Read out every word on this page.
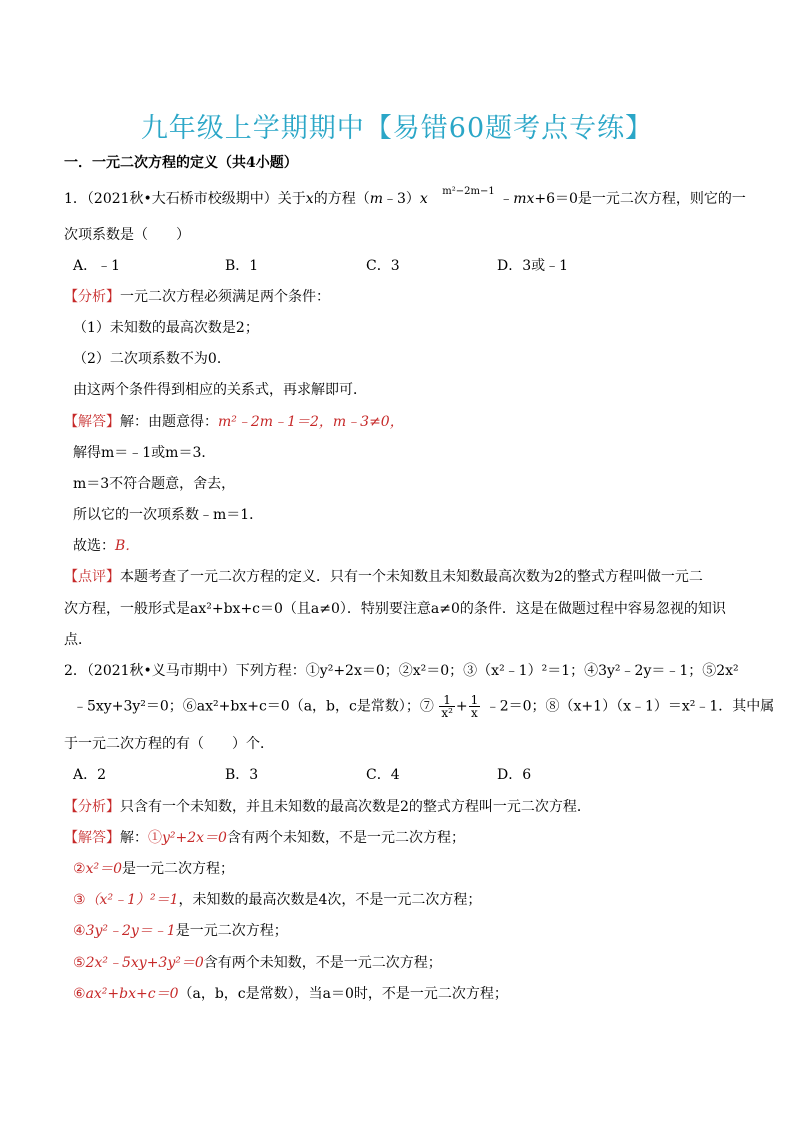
九年级上学期期中【易错60题考点专练】
一．一元二次方程的定义（共4小题）
1．（2021秋•大石桥市校级期中）关于x的方程（m﹣3）x $^{m^2-2m-1}$ ﹣mx+6＝0是一元二次方程，则它的一
次项系数是（　　）
A．﹣1	B．1	C．3	D．3或﹣1
【分析】一元二次方程必须满足两个条件：
（1）未知数的最高次数是2；
（2）二次项系数不为0．
由这两个条件得到相应的关系式，再求解即可．
【解答】解：由题意得：m²﹣2m﹣1＝2，m﹣3≠0，
解得m＝﹣1或m＝3．
m＝3不符合题意，舍去，
所以它的一次项系数﹣m＝1．
故选：B．
【点评】本题考查了一元二次方程的定义．只有一个未知数且未知数最高次数为2的整式方程叫做一元二
次方程，一般形式是ax²+bx+c＝0（且a≠0）．特别要注意a≠0的条件．这是在做题过程中容易忽视的知识
点．
2．（2021秋•义马市期中）下列方程：①y²+2x＝0；②x²＝0；③（x²﹣1）²＝1；④3y²﹣2y＝﹣1；⑤2x²
﹣5xy+3y²＝0；⑥ax²+bx+c＝0（a，b，c是常数）；⑦ $\frac{1}{\text{x²}} + \frac{1}{x}$ ﹣2＝0；⑧（x+1）（x﹣1）＝x²﹣1．其中属
于一元二次方程的有（　　）个．
A．2	B．3	C．4	D．6
【分析】只含有一个未知数，并且未知数的最高次数是2的整式方程叫一元二次方程．
【解答】解：①y²+2x＝0含有两个未知数，不是一元二次方程；
②x²＝0是一元二次方程；
③（x²﹣1）²＝1，未知数的最高次数是4次，不是一元二次方程；
④3y²﹣2y＝﹣1是一元二次方程；
⑤2x²﹣5xy+3y²＝0含有两个未知数，不是一元二次方程；
⑥ax²+bx+c＝0（a，b，c是常数），当a＝0时，不是一元二次方程；
